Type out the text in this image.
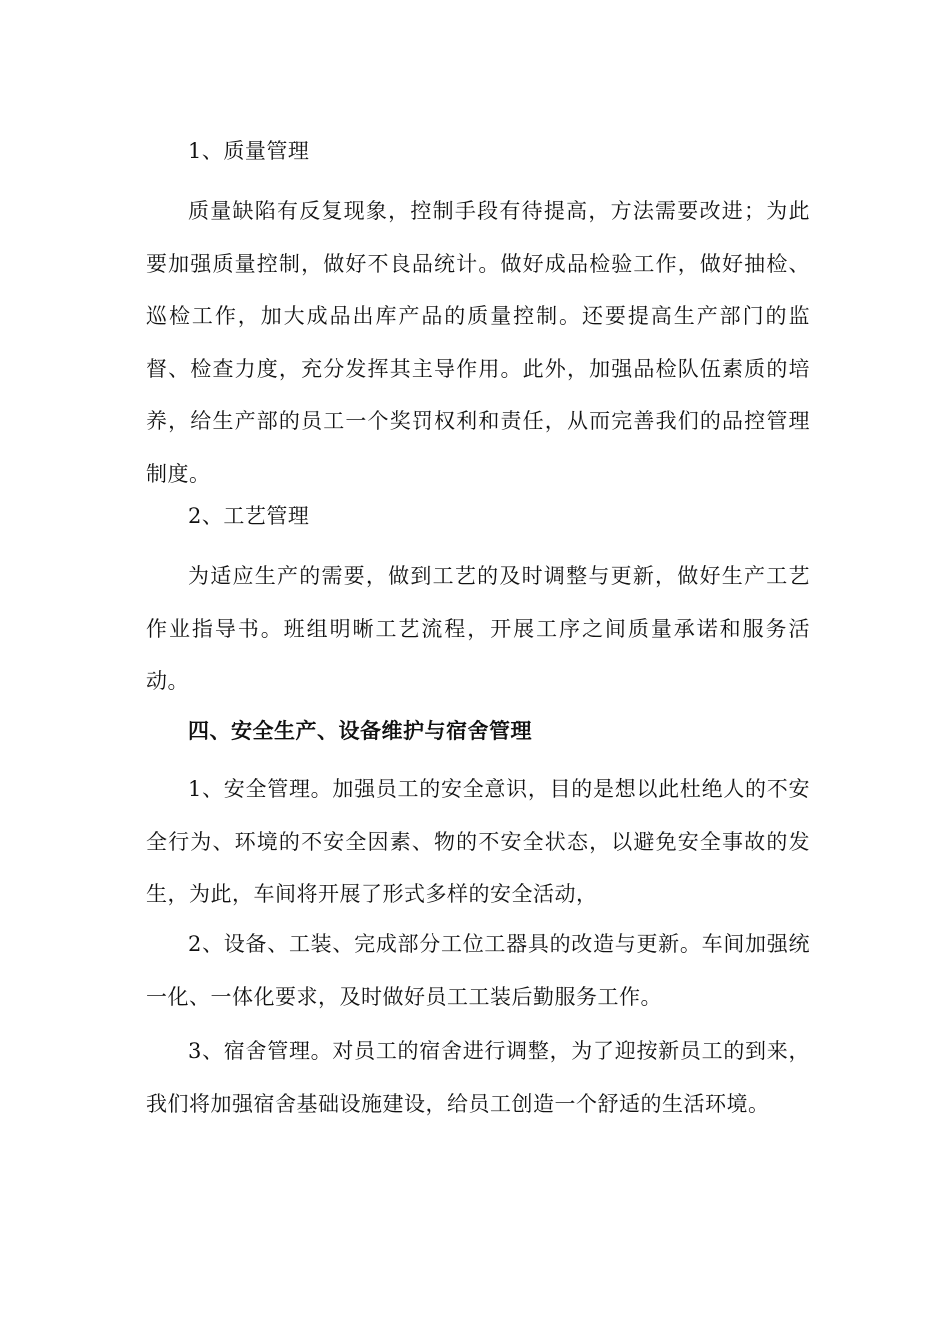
1、质量管理

质量缺陷有反复现象，控制手段有待提高，方法需要改进；为此要加强质量控制，做好不良品统计。做好成品检验工作，做好抽检、巡检工作，加大成品出库产品的质量控制。还要提高生产部门的监督、检查力度，充分发挥其主导作用。此外，加强品检队伍素质的培养，给生产部的员工一个奖罚权利和责任，从而完善我们的品控管理制度。

2、工艺管理

为适应生产的需要，做到工艺的及时调整与更新，做好生产工艺作业指导书。班组明晰工艺流程，开展工序之间质量承诺和服务活动。

四、安全生产、设备维护与宿舍管理

1、安全管理。加强员工的安全意识，目的是想以此杜绝人的不安全行为、环境的不安全因素、物的不安全状态，以避免安全事故的发生，为此，车间将开展了形式多样的安全活动，

2、设备、工装、完成部分工位工器具的改造与更新。车间加强统一化、一体化要求，及时做好员工工装后勤服务工作。

3、宿舍管理。对员工的宿舍进行调整，为了迎按新员工的到来，我们将加强宿舍基础设施建设，给员工创造一个舒适的生活环境。
